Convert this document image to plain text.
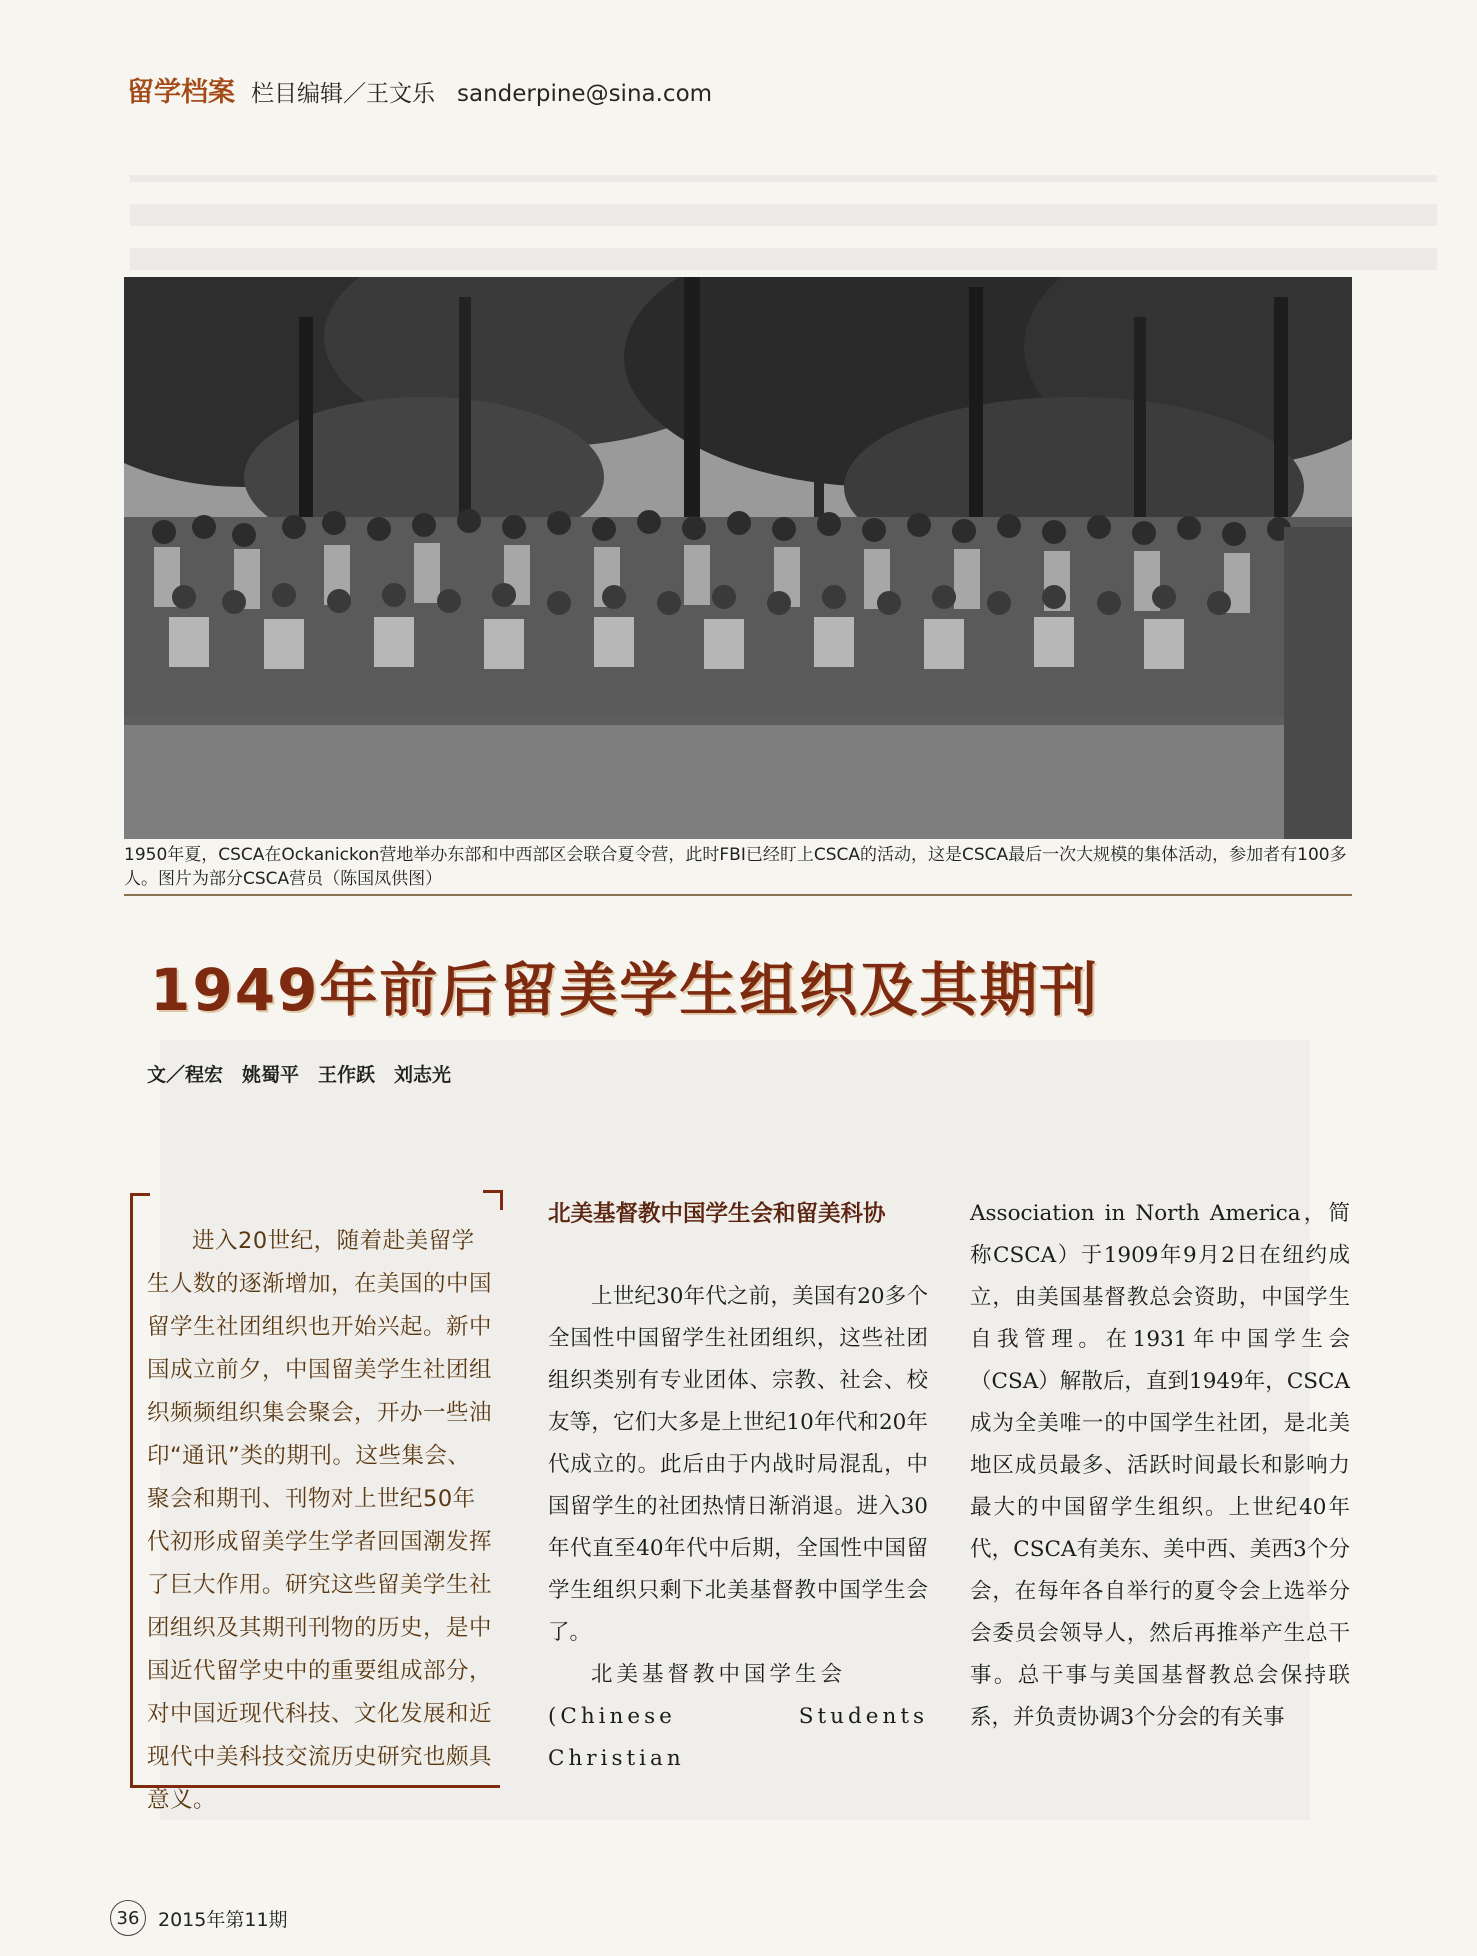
留学档案 栏目编辑／王文乐 sanderpine@sina.com
1950年夏，CSCA在Ockanickon营地举办东部和中西部区会联合夏令营，此时FBI已经盯上CSCA的活动，这是CSCA最后一次大规模的集体活动，参加者有100多人。图片为部分CSCA营员（陈国凤供图）
1949年前后留美学生组织及其期刊
文／程宏　姚蜀平　王作跃　刘志光
进入20世纪，随着赴美留学生人数的逐渐增加，在美国的中国留学生社团组织也开始兴起。新中国成立前夕，中国留美学生社团组织频频组织集会聚会，开办一些油印“通讯”类的期刊。这些集会、聚会和期刊、刊物对上世纪50年代初形成留美学生学者回国潮发挥了巨大作用。研究这些留美学生社团组织及其期刊刊物的历史，是中国近代留学史中的重要组成部分，对中国近现代科技、文化发展和近现代中美科技交流历史研究也颇具意义。
北美基督教中国学生会和留美科协

上世纪30年代之前，美国有20多个全国性中国留学生社团组织，这些社团组织类别有专业团体、宗教、社会、校友等，它们大多是上世纪10年代和20年代成立的。此后由于内战时局混乱，中国留学生的社团热情日渐消退。进入30年代直至40年代中后期，全国性中国留学生组织只剩下北美基督教中国学生会了。

北美基督教中国学生会

(Chinese Students Christian

Association in North America，简称CSCA）于1909年9月2日在纽约成立，由美国基督教总会资助，中国学生自我管理。在1931年中国学生会（CSA）解散后，直到1949年，CSCA成为全美唯一的中国学生社团，是北美地区成员最多、活跃时间最长和影响力最大的中国留学生组织。上世纪40年代，CSCA有美东、美中西、美西3个分会，在每年各自举行的夏令会上选举分会委员会领导人，然后再推举产生总干事。总干事与美国基督教总会保持联系，并负责协调3个分会的有关事

36 2015年第11期
